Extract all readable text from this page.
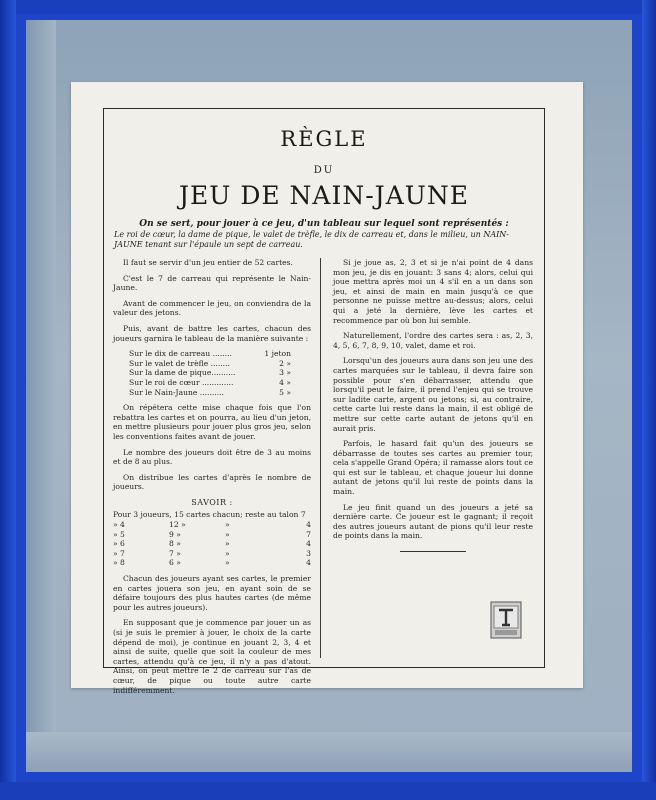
RÈGLE
DU
JEU DE NAIN-JAUNE
On se sert, pour jouer à ce jeu, d'un tableau sur lequel sont représentés :
Le roi de cœur, la dame de pique, le valet de trèfle, le dix de carreau et, dans le milieu, un NAIN-JAUNE tenant sur l'épaule un sept de carreau.

Il faut se servir d'un jeu entier de 52 cartes.

C'est le 7 de carreau qui représente le Nain-Jaune.

Avant de commencer le jeu, on conviendra de la valeur des jetons.

Puis, avant de battre les cartes, chacun des joueurs garnira le tableau de la manière suivante :

Sur le dix de carreau ........	1 jeton
Sur le valet de trèfle ........	2 »
Sur la dame de pique..........	3 »
Sur le roi de cœur .............	4 »
Sur le Nain-Jaune ..........	5 »

On répétera cette mise chaque fois que l'on rebattra les cartes et on pourra, au lieu d'un jeton, en mettre plusieurs pour jouer plus gros jeu, selon les conventions faites avant de jouer.

Le nombre des joueurs doit être de 3 au moins et de 8 au plus.

On distribue les cartes d'après le nombre de joueurs.

SAVOIR :
Pour 3 joueurs, 15 cartes chacun; reste au talon 7
» 4	12 »	»	4
» 5	9 »	»	7
» 6	8 »	»	4
» 7	7 »	»	3
» 8	6 »	»	4

Chacun des joueurs ayant ses cartes, le premier en cartes jouera son jeu, en ayant soin de se défaire toujours des plus hautes cartes (de même pour les autres joueurs).

En supposant que je commence par jouer un as (si je suis le premier à jouer, le choix de la carte dépend de moi), je continue en jouant 2, 3, 4 et ainsi de suite, quelle que soit la couleur de mes cartes, attendu qu'à ce jeu, il n'y a pas d'atout. Ainsi, on peut mettre le 2 de carreau sur l'as de cœur, de pique ou toute autre carte indifféremment.

Si je joue as, 2, 3 et si je n'ai point de 4 dans mon jeu, je dis en jouant: 3 sans 4; alors, celui qui joue mettra après moi un 4 s'il en a un dans son jeu, et ainsi de main en main jusqu'à ce que personne ne puisse mettre au-dessus; alors, celui qui a jeté la dernière, lève les cartes et recommence par où bon lui semble.

Naturellement, l'ordre des cartes sera : as, 2, 3, 4, 5, 6, 7, 8, 9, 10, valet, dame et roi.

Lorsqu'un des joueurs aura dans son jeu une des cartes marquées sur le tableau, il devra faire son possible pour s'en débarrasser, attendu que lorsqu'il peut le faire, il prend l'enjeu qui se trouve sur ladite carte, argent ou jetons; si, au contraire, cette carte lui reste dans la main, il est obligé de mettre sur cette carte autant de jetons qu'il en aurait pris.

Parfois, le hasard fait qu'un des joueurs se débarrasse de toutes ses cartes au premier tour, cela s'appelle Grand Opéra; il ramasse alors tout ce qui est sur le tableau, et chaque joueur lui donne autant de jetons qu'il lui reste de points dans la main.

Le jeu finit quand un des joueurs a jeté sa dernière carte. Ce joueur est le gagnant; il reçoit des autres joueurs autant de pions qu'il leur reste de points dans la main.
